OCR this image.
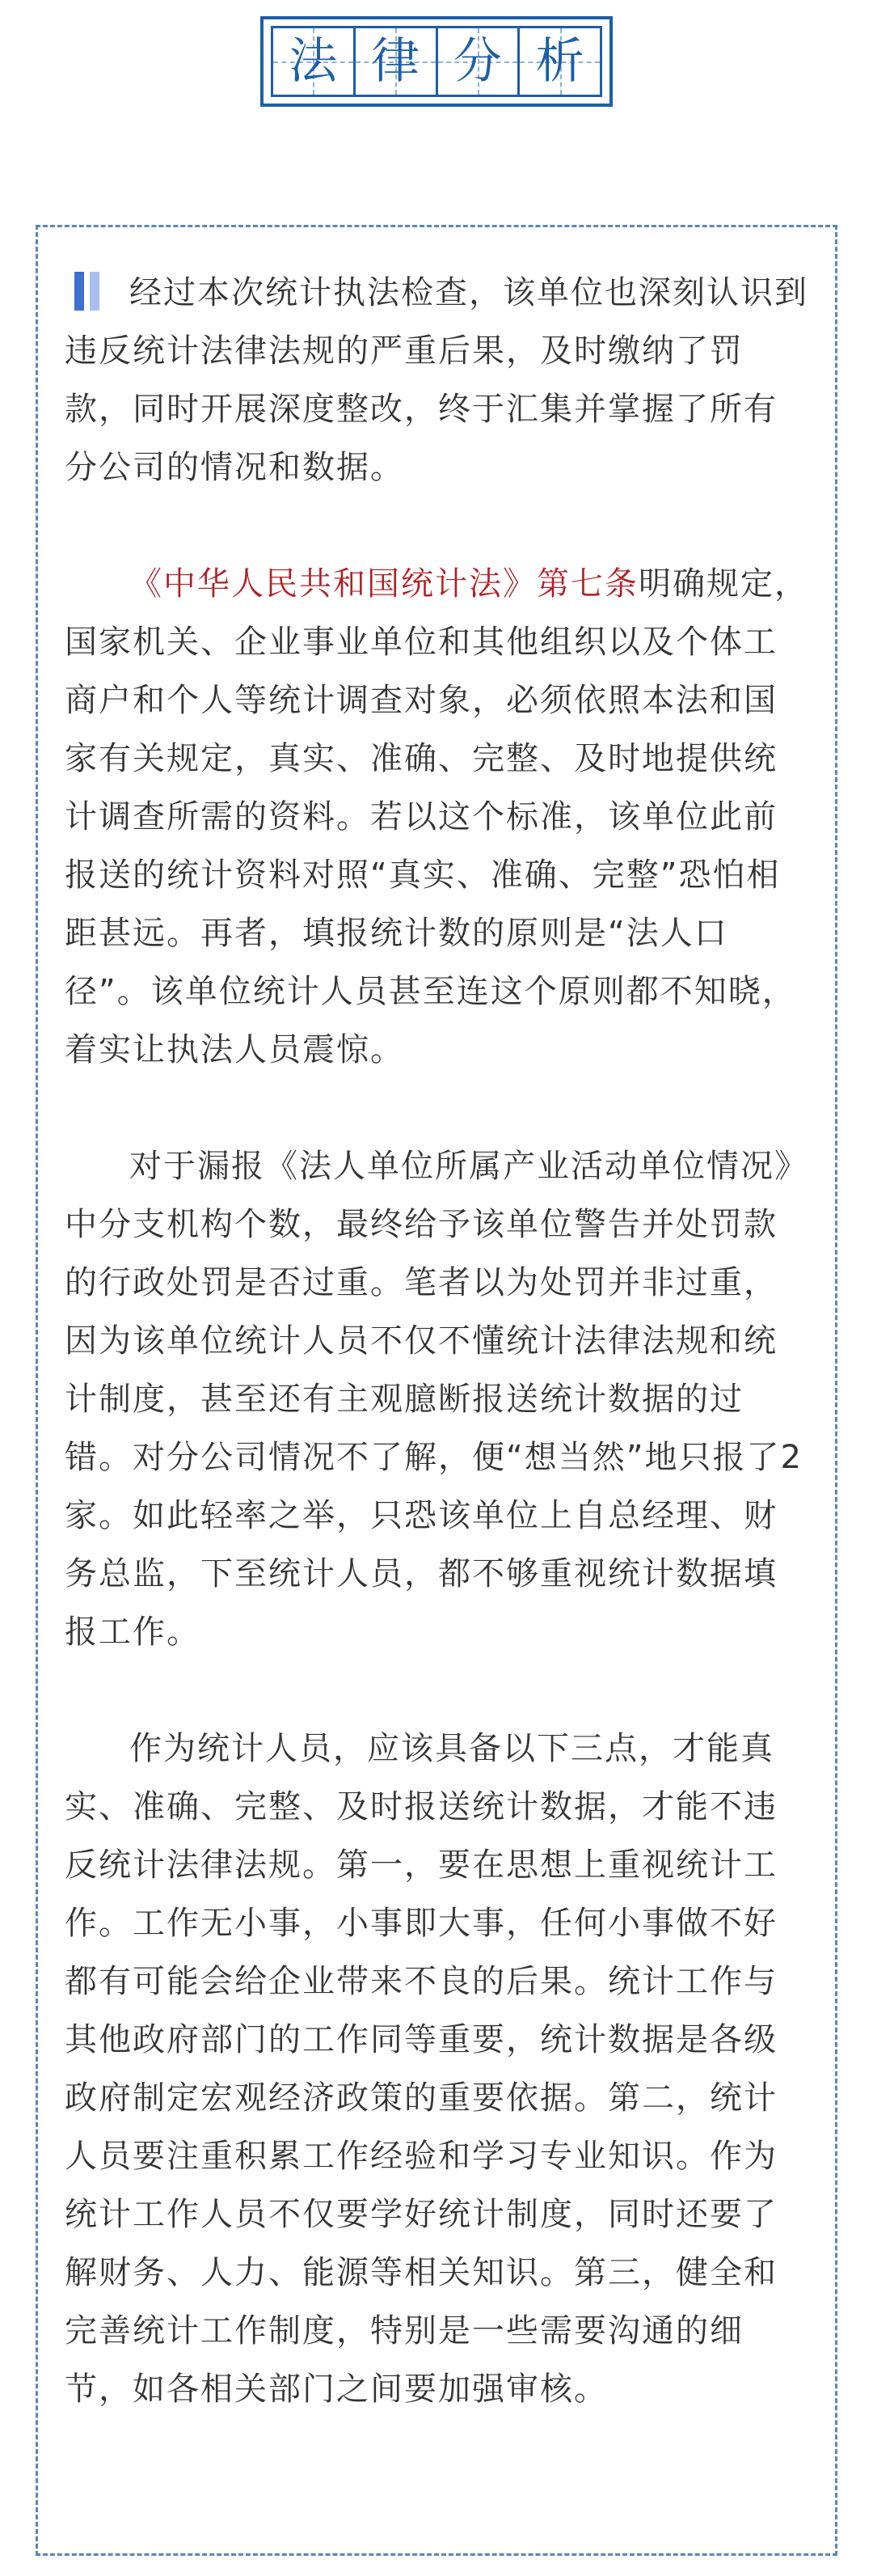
法 律 分 析

经过本次统计执法检查，该单位也深刻认识到违反统计法律法规的严重后果，及时缴纳了罚款，同时开展深度整改，终于汇集并掌握了所有分公司的情况和数据。

《中华人民共和国统计法》第七条明确规定，国家机关、企业事业单位和其他组织以及个体工商户和个人等统计调查对象，必须依照本法和国家有关规定，真实、准确、完整、及时地提供统计调查所需的资料。若以这个标准，该单位此前报送的统计资料对照“真实、准确、完整”恐怕相距甚远。再者，填报统计数的原则是“法人口径”。该单位统计人员甚至连这个原则都不知晓，着实让执法人员震惊。

对于漏报《法人单位所属产业活动单位情况》中分支机构个数，最终给予该单位警告并处罚款的行政处罚是否过重。笔者以为处罚并非过重，因为该单位统计人员不仅不懂统计法律法规和统计制度，甚至还有主观臆断报送统计数据的过错。对分公司情况不了解，便“想当然”地只报了2家。如此轻率之举，只恐该单位上自总经理、财务总监，下至统计人员，都不够重视统计数据填报工作。

作为统计人员，应该具备以下三点，才能真实、准确、完整、及时报送统计数据，才能不违反统计法律法规。第一，要在思想上重视统计工作。工作无小事，小事即大事，任何小事做不好都有可能会给企业带来不良的后果。统计工作与其他政府部门的工作同等重要，统计数据是各级政府制定宏观经济政策的重要依据。第二，统计人员要注重积累工作经验和学习专业知识。作为统计工作人员不仅要学好统计制度，同时还要了解财务、人力、能源等相关知识。第三，健全和完善统计工作制度，特别是一些需要沟通的细节，如各相关部门之间要加强审核。
